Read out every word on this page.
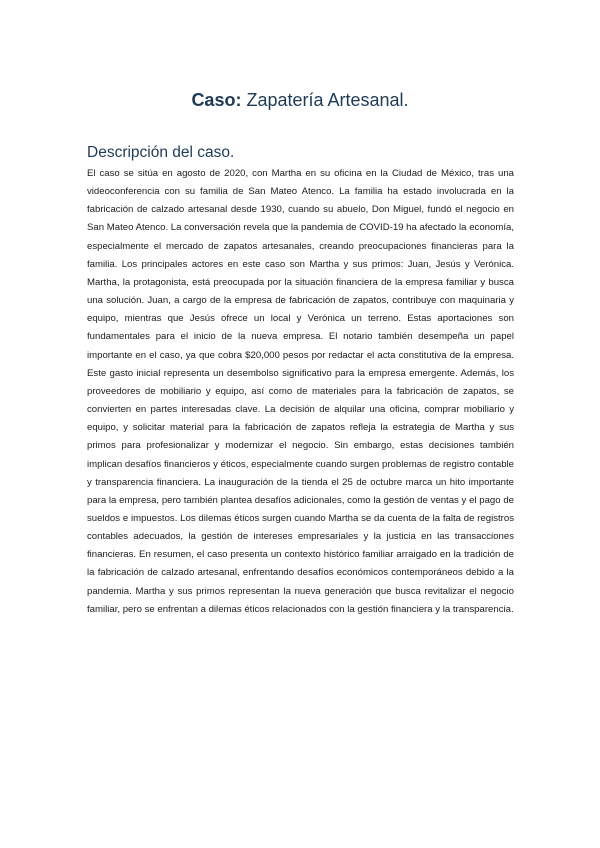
Caso: Zapatería Artesanal.
Descripción del caso.

El caso se sitúa en agosto de 2020, con Martha en su oficina en la Ciudad de México, tras una videoconferencia con su familia de San Mateo Atenco. La familia ha estado involucrada en la fabricación de calzado artesanal desde 1930, cuando su abuelo, Don Miguel, fundó el negocio en San Mateo Atenco. La conversación revela que la pandemia de COVID-19 ha afectado la economía, especialmente el mercado de zapatos artesanales, creando preocupaciones financieras para la familia. Los principales actores en este caso son Martha y sus primos: Juan, Jesús y Verónica. Martha, la protagonista, está preocupada por la situación financiera de la empresa familiar y busca una solución. Juan, a cargo de la empresa de fabricación de zapatos, contribuye con maquinaria y equipo, mientras que Jesús ofrece un local y Verónica un terreno. Estas aportaciones son fundamentales para el inicio de la nueva empresa. El notario también desempeña un papel importante en el caso, ya que cobra $20,000 pesos por redactar el acta constitutiva de la empresa. Este gasto inicial representa un desembolso significativo para la empresa emergente. Además, los proveedores de mobiliario y equipo, así como de materiales para la fabricación de zapatos, se convierten en partes interesadas clave. La decisión de alquilar una oficina, comprar mobiliario y equipo, y solicitar material para la fabricación de zapatos refleja la estrategia de Martha y sus primos para profesionalizar y modernizar el negocio. Sin embargo, estas decisiones también implican desafíos financieros y éticos, especialmente cuando surgen problemas de registro contable y transparencia financiera. La inauguración de la tienda el 25 de octubre marca un hito importante para la empresa, pero también plantea desafíos adicionales, como la gestión de ventas y el pago de sueldos e impuestos. Los dilemas éticos surgen cuando Martha se da cuenta de la falta de registros contables adecuados, la gestión de intereses empresariales y la justicia en las transacciones financieras. En resumen, el caso presenta un contexto histórico familiar arraigado en la tradición de la fabricación de calzado artesanal, enfrentando desafíos económicos contemporáneos debido a la pandemia. Martha y sus primos representan la nueva generación que busca revitalizar el negocio familiar, pero se enfrentan a dilemas éticos relacionados con la gestión financiera y la transparencia.
